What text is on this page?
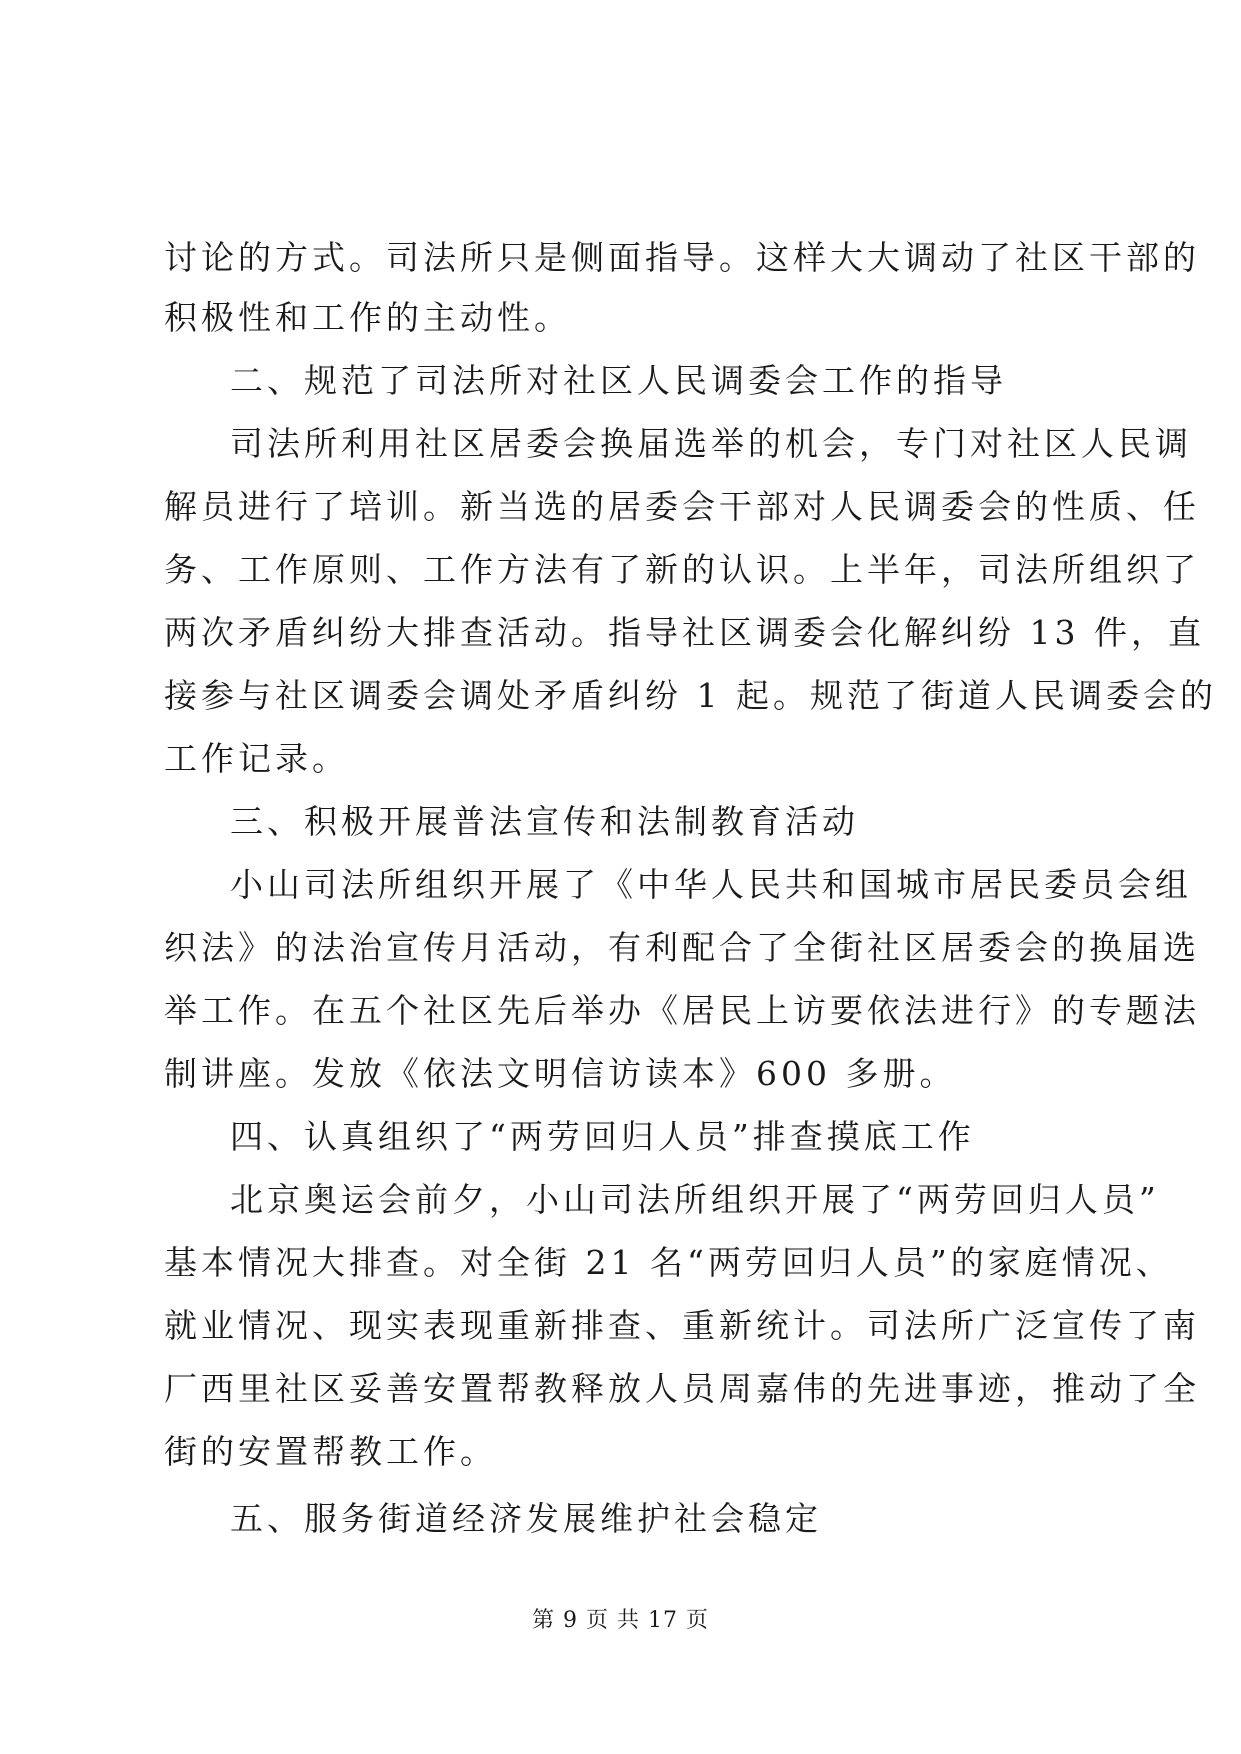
讨论的方式。司法所只是侧面指导。这样大大调动了社区干部的
积极性和工作的主动性。
二、规范了司法所对社区人民调委会工作的指导
司法所利用社区居委会换届选举的机会，专门对社区人民调
解员进行了培训。新当选的居委会干部对人民调委会的性质、任
务、工作原则、工作方法有了新的认识。上半年，司法所组织了
两次矛盾纠纷大排查活动。指导社区调委会化解纠纷 13 件，直
接参与社区调委会调处矛盾纠纷 1 起。规范了街道人民调委会的
工作记录。
三、积极开展普法宣传和法制教育活动
小山司法所组织开展了《中华人民共和国城市居民委员会组
织法》的法治宣传月活动，有利配合了全街社区居委会的换届选
举工作。在五个社区先后举办《居民上访要依法进行》的专题法
制讲座。发放《依法文明信访读本》600 多册。
四、认真组织了“两劳回归人员”排查摸底工作
北京奥运会前夕，小山司法所组织开展了“两劳回归人员”
基本情况大排查。对全街 21 名“两劳回归人员”的家庭情况、
就业情况、现实表现重新排查、重新统计。司法所广泛宣传了南
厂西里社区妥善安置帮教释放人员周嘉伟的先进事迹，推动了全
街的安置帮教工作。
五、服务街道经济发展维护社会稳定
第 9 页 共 17 页
